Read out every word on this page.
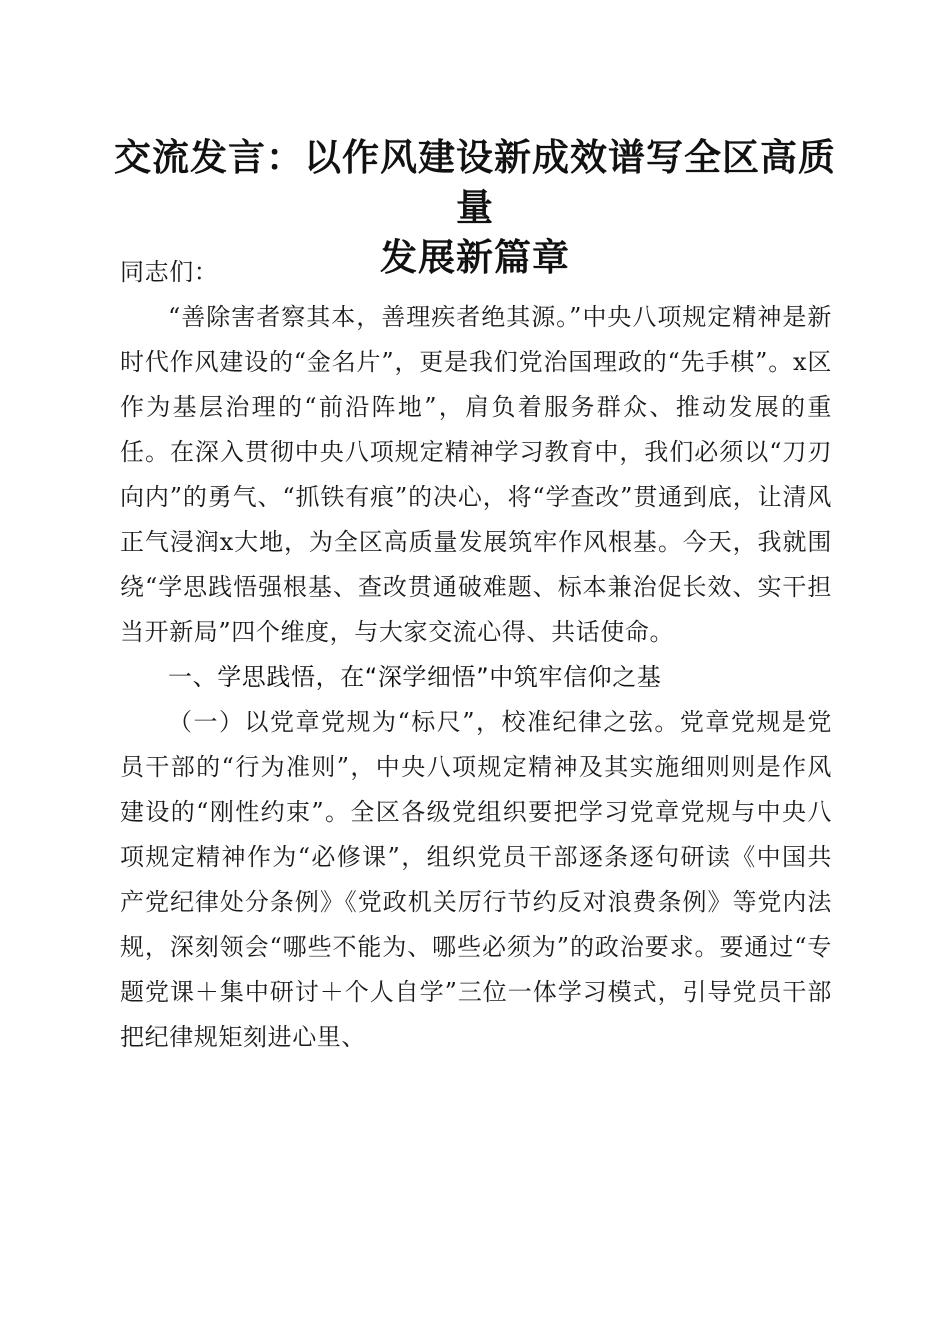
交流发言：以作风建设新成效谱写全区高质量
发展新篇章

同志们：

“善除害者察其本，善理疾者绝其源。”中央八项规定精神是新时代作风建设的“金名片”，更是我们党治国理政的“先手棋”。x区作为基层治理的“前沿阵地”，肩负着服务群众、推动发展的重任。在深入贯彻中央八项规定精神学习教育中，我们必须以“刀刃向内”的勇气、“抓铁有痕”的决心，将“学查改”贯通到底，让清风正气浸润x大地，为全区高质量发展筑牢作风根基。今天，我就围绕“学思践悟强根基、查改贯通破难题、标本兼治促长效、实干担当开新局”四个维度，与大家交流心得、共话使命。

一、学思践悟，在“深学细悟”中筑牢信仰之基

（一）以党章党规为“标尺”，校准纪律之弦。党章党规是党员干部的“行为准则”，中央八项规定精神及其实施细则则是作风建设的“刚性约束”。全区各级党组织要把学习党章党规与中央八项规定精神作为“必修课”，组织党员干部逐条逐句研读《中国共产党纪律处分条例》《党政机关厉行节约反对浪费条例》等党内法规，深刻领会“哪些不能为、哪些必须为”的政治要求。要通过“专题党课＋集中研讨＋个人自学”三位一体学习模式，引导党员干部把纪律规矩刻进心里、
